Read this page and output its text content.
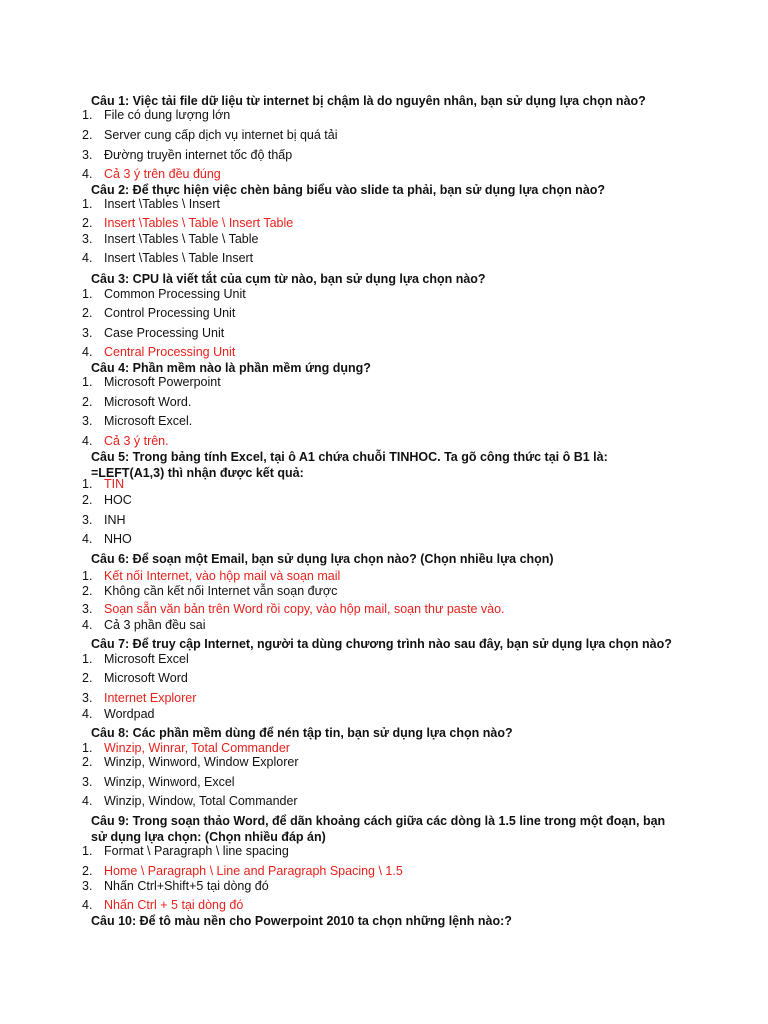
Câu 1: Việc tải file dữ liệu từ internet bị chậm là do nguyên nhân, bạn sử dụng lựa chọn nào?
1. File có dung lượng lớn
2. Server cung cấp dịch vụ internet bị quá tải
3. Đường truyền internet tốc độ thấp
4. Cả 3 ý trên đều đúng
Câu 2: Để thực hiện việc chèn bảng biểu vào slide ta phải, bạn sử dụng lựa chọn nào?
1. Insert \Tables \ Insert
2. Insert \Tables \ Table \ Insert Table
3. Insert \Tables \ Table \ Table
4. Insert \Tables \ Table Insert
Câu 3: CPU là viết tắt của cụm từ nào, bạn sử dụng lựa chọn nào?
1. Common Processing Unit
2. Control Processing Unit
3. Case Processing Unit
4. Central Processing Unit
Câu 4: Phần mềm nào là phần mềm ứng dụng?
1. Microsoft Powerpoint
2. Microsoft Word.
3. Microsoft Excel.
4. Cả 3 ý trên.
Câu 5: Trong bảng tính Excel, tại ô A1 chứa chuỗi TINHOC. Ta gõ công thức tại ô B1 là: =LEFT(A1,3) thì nhận được kết quả:
1. TIN
2. HOC
3. INH
4. NHO
Câu 6: Để soạn một Email, bạn sử dụng lựa chọn nào? (Chọn nhiều lựa chọn)
1. Kết nối Internet, vào hộp mail và soạn mail
2. Không cần kết nối Internet vẫn soạn được
3. Soạn sẵn văn bản trên Word rồi copy, vào hộp mail, soạn thư paste vào.
4. Cả 3 phần đều sai
Câu 7: Để truy cập Internet, người ta dùng chương trình nào sau đây, bạn sử dụng lựa chọn nào?
1. Microsoft Excel
2. Microsoft Word
3. Internet Explorer
4. Wordpad
Câu 8: Các phần mềm dùng để nén tập tin, bạn sử dụng lựa chọn nào?
1. Winzip, Winrar, Total Commander
2. Winzip, Winword, Window Explorer
3. Winzip, Winword, Excel
4. Winzip, Window, Total Commander
Câu 9: Trong soạn thảo Word, để dãn khoảng cách giữa các dòng là 1.5 line trong một đoạn, bạn sử dụng lựa chọn: (Chọn nhiều đáp án)
1. Format \ Paragraph \ line spacing
2. Home \ Paragraph \ Line and Paragraph Spacing \ 1.5
3. Nhấn Ctrl+Shift+5 tại dòng đó
4. Nhấn Ctrl + 5 tại dòng đó
Câu 10: Để tô màu nền cho Powerpoint 2010 ta chọn những lệnh nào:?
